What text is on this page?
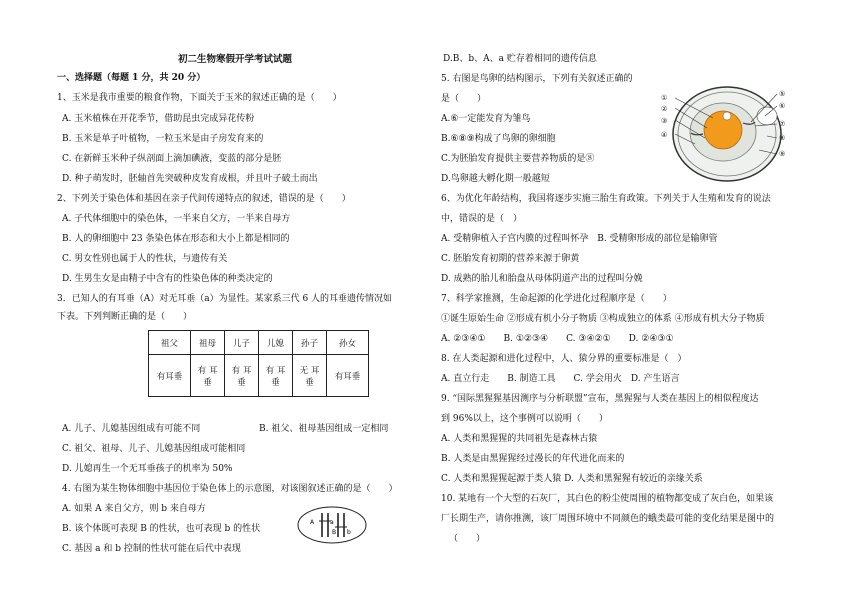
初二生物寒假开学考试试题
一、选择题（每题 1 分，共 20 分）
1、玉米是我市重要的粮食作物，下面关于玉米的叙述正确的是（　　）
A. 玉米植株在开花季节，借助昆虫完成异花传粉
B. 玉米是单子叶植物，一粒玉米是由子房发育来的
C. 在新鲜玉米种子纵剖面上滴加碘液，变蓝的部分是胚
D. 种子萌发时，胚轴首先突破种皮发育成根，并且叶子破土而出
2、下列关于染色体和基因在亲子代间传递特点的叙述，错误的是（　　）
A. 子代体细胞中的染色体，一半来自父方，一半来自母方
B. 人的卵细胞中 23 条染色体在形态和大小上都是相同的
C. 男女性别也属于人的性状，与遗传有关
D. 生男生女是由精子中含有的性染色体的种类决定的
3．已知人的有耳垂（A）对无耳垂（a）为显性。某家系三代 6 人的耳垂遗传情况如
下表。下列判断正确的是（　　）
祖父	祖母	儿子	儿媳	孙子	孙女
有耳垂	有 耳垂	有 耳垂	有 耳垂	无 耳垂	有耳垂
A. 儿子、儿媳基因组成有可能不同	B. 祖父、祖母基因组成一定相同
C. 祖父、祖母、儿子、儿媳基因组成可能相同
D. 儿媳再生一个无耳垂孩子的机率为 50%
4. 右图为某生物体细胞中基因位于染色体上的示意图，对该图叙述正确的是（　　）
A. 如果 A 来自父方，则 b 来自母方
B. 该个体既可表现 B 的性状，也可表现 b 的性状
C. 基因 a 和 b 控制的性状可能在后代中表现
A	a
B b
D.B、b、A、a 贮存着相同的遗传信息
5. 右图是鸟卵的结构图示，下列有关叙述正确的
是（　　）
A.⑥一定能发育为雏鸟
B.⑥⑧⑨构成了鸟卵的卵细胞
C.为胚胎发育提供主要营养物质的是⑧
D.鸟卵越大孵化期一般越短
6、为优化年龄结构，我国将逐步实施三胎生育政策。下列关于人生殖和发育的说法
中，错误的是（　）
A. 受精卵植入子宫内膜的过程叫怀孕　B. 受精卵形成的部位是输卵管
C. 胚胎发育初期的营养来源于卵黄
D. 成熟的胎儿和胎盘从母体阴道产出的过程叫分娩
7、科学家推测，生命起源的化学进化过程顺序是（　　）
①诞生原始生命 ②形成有机小分子物质 ③构成独立的体系 ④形成有机大分子物质
A. ②③④①　　B. ①②③④　　C. ③④②①　　D. ②④③①
8. 在人类起源和进化过程中，人、猿分界的重要标准是（　）
A. 直立行走　　B. 制造工具　　C. 学会用火　D. 产生语言
9. “国际黑猩猩基因测序与分析联盟”宣布，黑猩猩与人类在基因上的相似程度达
到 96%以上，这个事例可以说明（　　）
A. 人类和黑猩猩的共同祖先是森林古猿
B. 人类是由黑猩猩经过漫长的年代进化而来的
C. 人类和黑猩猩起源于类人猿 D. 人类和黑猩猩有较近的亲缘关系
10. 某地有一个大型的石灰厂，其白色的粉尘使周围的植物都变成了灰白色，如果该
厂长期生产，请你推测，该厂周围环境中不同颜色的蛾类最可能的变化结果是图中的
（　　）
①
②
③
④
⑤
⑥
⑦
⑧
⑨
